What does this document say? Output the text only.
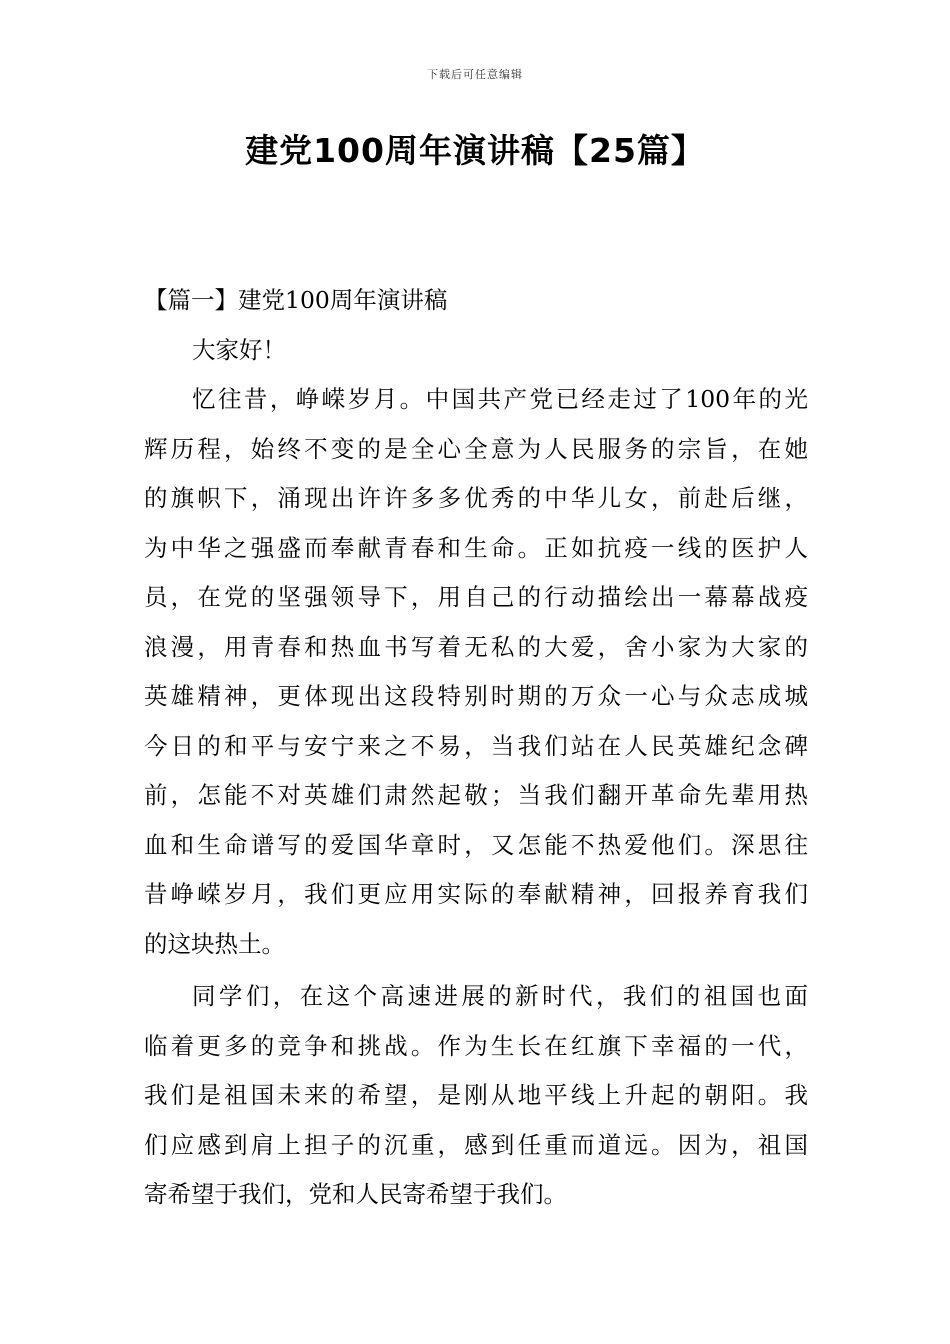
下载后可任意编辑
建党100周年演讲稿【25篇】

【篇一】建党100周年演讲稿

大家好！

忆往昔，峥嵘岁月。中国共产党已经走过了100年的光
辉历程，始终不变的是全心全意为人民服务的宗旨，在她
的旗帜下，涌现出许许多多优秀的中华儿女，前赴后继，
为中华之强盛而奉献青春和生命。正如抗疫一线的医护人
员，在党的坚强领导下，用自己的行动描绘出一幕幕战疫
浪漫，用青春和热血书写着无私的大爱，舍小家为大家的
英雄精神，更体现出这段特别时期的万众一心与众志成城
今日的和平与安宁来之不易，当我们站在人民英雄纪念碑
前，怎能不对英雄们肃然起敬；当我们翻开革命先辈用热
血和生命谱写的爱国华章时，又怎能不热爱他们。深思往
昔峥嵘岁月，我们更应用实际的奉献精神，回报养育我们
的这块热土。

同学们，在这个高速进展的新时代，我们的祖国也面
临着更多的竞争和挑战。作为生长在红旗下幸福的一代，
我们是祖国未来的希望，是刚从地平线上升起的朝阳。我
们应感到肩上担子的沉重，感到任重而道远。因为，祖国
寄希望于我们，党和人民寄希望于我们。
